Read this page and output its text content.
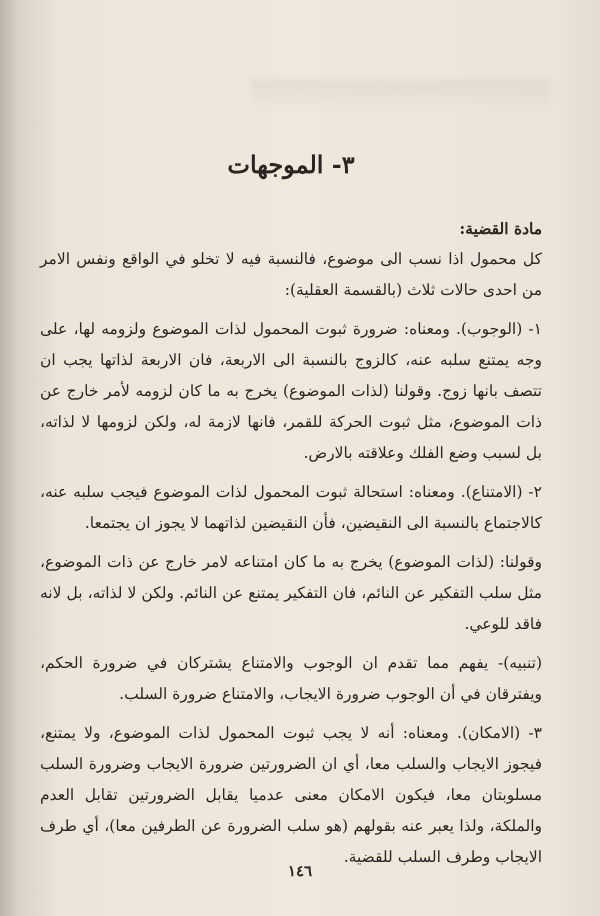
٣- الموجهات
مادة القضية:

كل محمول اذا نسب الى موضوع، فالنسبة فيه لا تخلو في الواقع ونفس الامر من احدى حالات ثلاث (بالقسمة العقلية):

١- (الوجوب). ومعناه: ضرورة ثبوت المحمول لذات الموضوع ولزومه لها، على وجه يمتنع سلبه عنه، كالزوج بالنسبة الى الاربعة، فان الاربعة لذاتها يجب ان تتصف بانها زوج. وقولنا (لذات الموضوع) يخرج به ما كان لزومه لأمر خارج عن ذات الموضوع، مثل ثبوت الحركة للقمر، فانها لازمة له، ولكن لزومها لا لذاته، بل لسبب وضع الفلك وعلاقته بالارض.

٢- (الامتناع). ومعناه: استحالة ثبوت المحمول لذات الموضوع فيجب سلبه عنه، كالاجتماع بالنسبة الى النقيضين، فأن النقيضين لذاتهما لا يجوز ان يجتمعا.

وقولنا: (لذات الموضوع) يخرج به ما كان امتناعه لامر خارج عن ذات الموضوع، مثل سلب التفكير عن النائم، فان التفكير يمتنع عن النائم. ولكن لا لذاته، بل لانه فاقد للوعي.

(تنبيه)- يفهم مما تقدم ان الوجوب والامتناع يشتركان في ضرورة الحكم، ويفترقان في أن الوجوب ضرورة الايجاب، والامتناع ضرورة السلب.

٣- (الامكان). ومعناه: أنه لا يجب ثبوت المحمول لذات الموضوع، ولا يمتنع، فيجوز الايجاب والسلب معا، أي ان الضرورتين ضرورة الايجاب وضرورة السلب مسلوبتان معا، فيكون الامكان معنى عدميا يقابل الضرورتين تقابل العدم والملكة، ولذا يعبر عنه بقولهم (هو سلب الضرورة عن الطرفين معا)، أي طرف الايجاب وطرف السلب للقضية.

١٤٦
